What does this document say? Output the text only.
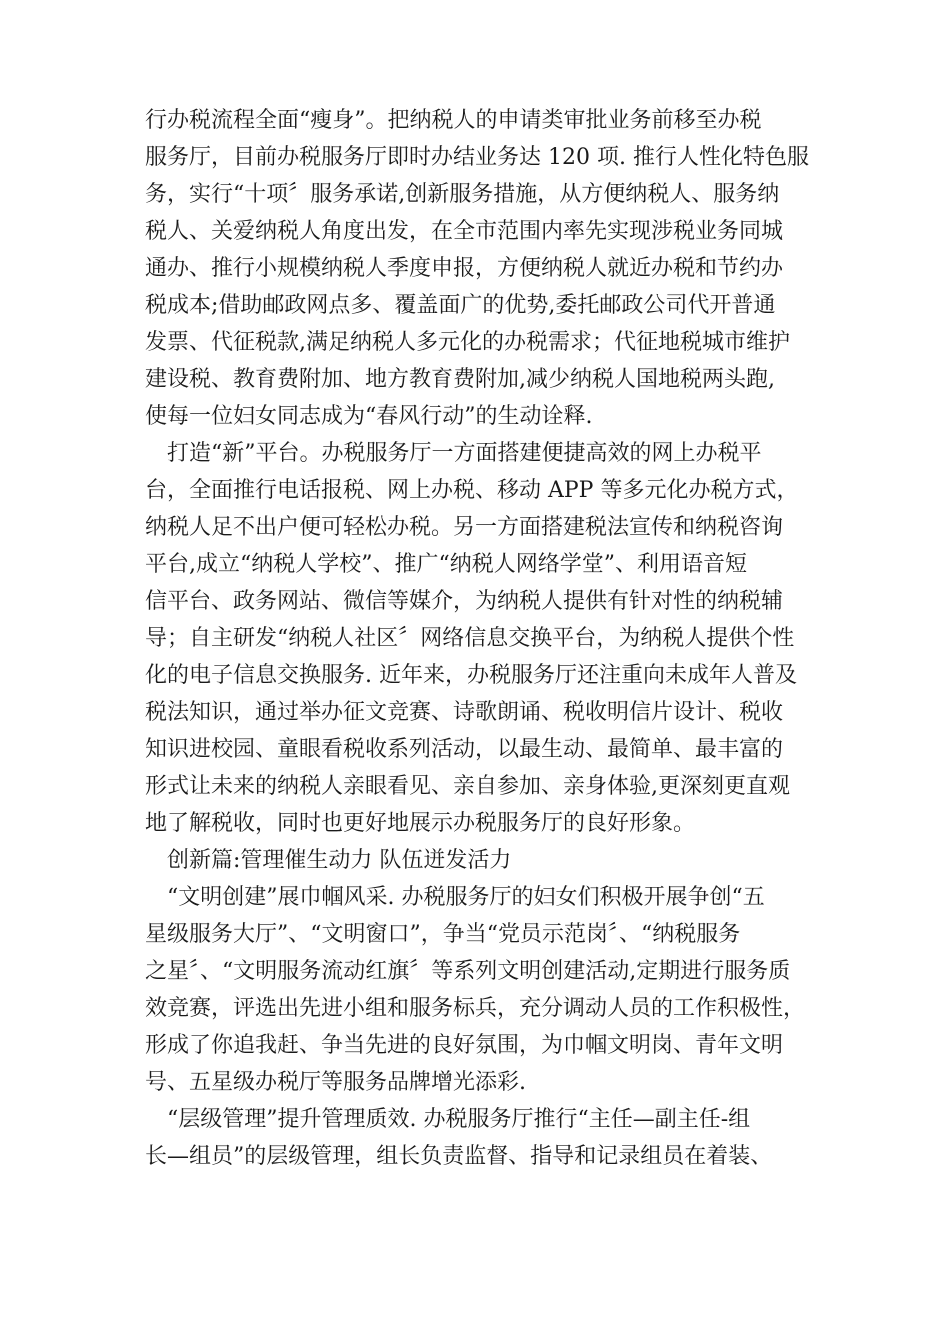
行办税流程全面“瘦身”。把纳税人的申请类审批业务前移至办税
服务厅，目前办税服务厅即时办结业务达 120 项. 推行人性化特色服
务，实行“十项〞服务承诺,创新服务措施，从方便纳税人、服务纳
税人、关爱纳税人角度出发，在全市范围内率先实现涉税业务同城
通办、推行小规模纳税人季度申报，方便纳税人就近办税和节约办
税成本;借助邮政网点多、覆盖面广的优势,委托邮政公司代开普通
发票、代征税款,满足纳税人多元化的办税需求；代征地税城市维护
建设税、教育费附加、地方教育费附加,减少纳税人国地税两头跑,
使每一位妇女同志成为“春风行动”的生动诠释.
　打造“新”平台。办税服务厅一方面搭建便捷高效的网上办税平
台，全面推行电话报税、网上办税、移动 APP 等多元化办税方式，
纳税人足不出户便可轻松办税。另一方面搭建税法宣传和纳税咨询
平台,成立“纳税人学校”、推广“纳税人网络学堂”、利用语音短
信平台、政务网站、微信等媒介，为纳税人提供有针对性的纳税辅
导；自主研发“纳税人社区〞网络信息交换平台，为纳税人提供个性
化的电子信息交换服务. 近年来，办税服务厅还注重向未成年人普及
税法知识，通过举办征文竞赛、诗歌朗诵、税收明信片设计、税收
知识进校园、童眼看税收系列活动，以最生动、最简单、最丰富的
形式让未来的纳税人亲眼看见、亲自参加、亲身体验,更深刻更直观
地了解税收，同时也更好地展示办税服务厅的良好形象。
　创新篇:管理催生动力 队伍迸发活力
　“文明创建”展巾帼风采. 办税服务厅的妇女们积极开展争创“五
星级服务大厅”、“文明窗口”，争当“党员示范岗〞、“纳税服务
之星〞、“文明服务流动红旗〞等系列文明创建活动,定期进行服务质
效竞赛，评选出先进小组和服务标兵，充分调动人员的工作积极性，
形成了你追我赶、争当先进的良好氛围，为巾帼文明岗、青年文明
号、五星级办税厅等服务品牌增光添彩.
　“层级管理”提升管理质效. 办税服务厅推行“主任—副主任-组
长—组员”的层级管理，组长负责监督、指导和记录组员在着装、
